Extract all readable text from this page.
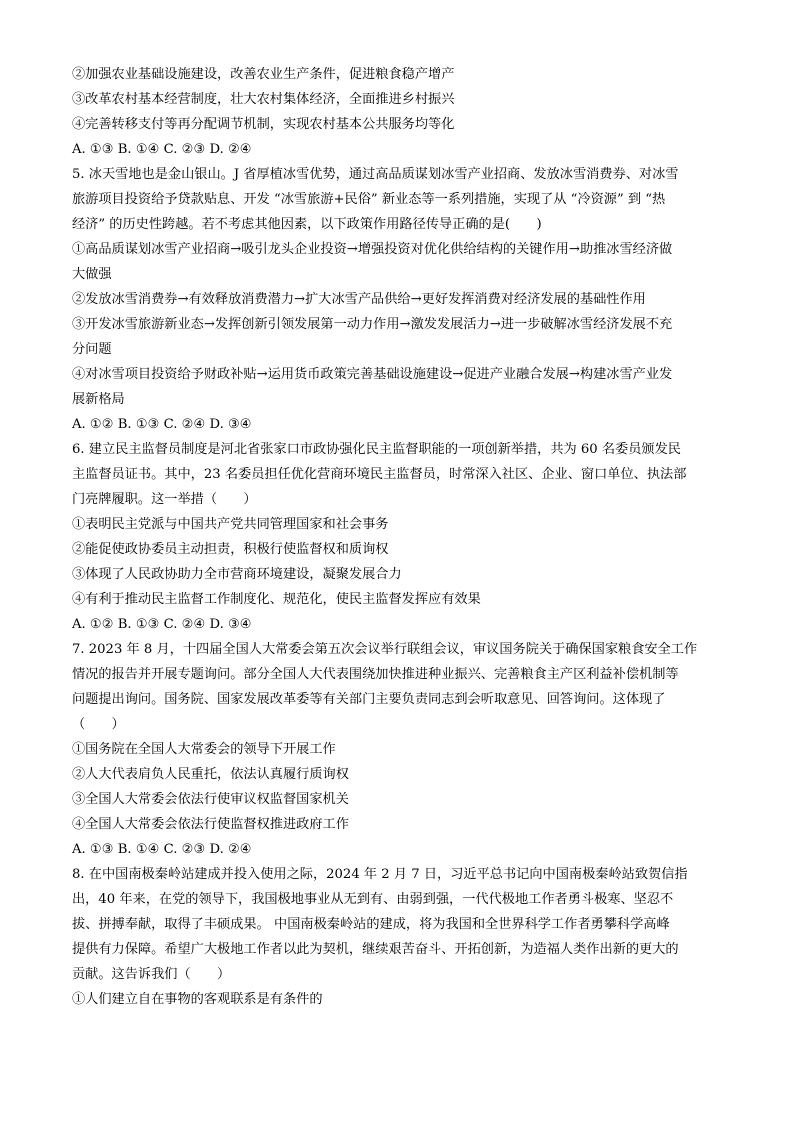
②加强农业基础设施建设，改善农业生产条件，促进粮食稳产增产
③改革农村基本经营制度，壮大农村集体经济，全面推进乡村振兴
④完善转移支付等再分配调节机制，实现农村基本公共服务均等化
A. ①③ B. ①④ C. ②③ D. ②④
5. 冰天雪地也是金山银山。J 省厚植冰雪优势，通过高品质谋划冰雪产业招商、发放冰雪消费券、对冰雪
旅游项目投资给予贷款贴息、开发 “冰雪旅游+民俗” 新业态等一系列措施，实现了从 “冷资源” 到 “热
经济” 的历史性跨越。若不考虑其他因素，以下政策作用路径传导正确的是(　　)
①高品质谋划冰雪产业招商→吸引龙头企业投资→增强投资对优化供给结构的关键作用→助推冰雪经济做
大做强
②发放冰雪消费券→有效释放消费潜力→扩大冰雪产品供给→更好发挥消费对经济发展的基础性作用
③开发冰雪旅游新业态→发挥创新引领发展第一动力作用→激发发展活力→进一步破解冰雪经济发展不充
分问题
④对冰雪项目投资给予财政补贴→运用货币政策完善基础设施建设→促进产业融合发展→构建冰雪产业发
展新格局
A. ①② B. ①③ C. ②④ D. ③④
6. 建立民主监督员制度是河北省张家口市政协强化民主监督职能的一项创新举措，共为 60 名委员颁发民
主监督员证书。其中，23 名委员担任优化营商环境民主监督员，时常深入社区、企业、窗口单位、执法部
门亮牌履职。这一举措（　　）
①表明民主党派与中国共产党共同管理国家和社会事务
②能促使政协委员主动担责，积极行使监督权和质询权
③体现了人民政协助力全市营商环境建设，凝聚发展合力
④有利于推动民主监督工作制度化、规范化，使民主监督发挥应有效果
A. ①② B. ①③ C. ②④ D. ③④
7. 2023 年 8 月，十四届全国人大常委会第五次会议举行联组会议，审议国务院关于确保国家粮食安全工作
情况的报告并开展专题询问。部分全国人大代表围绕加快推进种业振兴、完善粮食主产区利益补偿机制等
问题提出询问。国务院、国家发展改革委等有关部门主要负责同志到会听取意见、回答询问。这体现了
（　　）
①国务院在全国人大常委会的领导下开展工作
②人大代表肩负人民重托，依法认真履行质询权
③全国人大常委会依法行使审议权监督国家机关
④全国人大常委会依法行使监督权推进政府工作
A. ①③ B. ①④ C. ②③ D. ②④
8. 在中国南极秦岭站建成并投入使用之际，2024 年 2 月 7 日，习近平总书记向中国南极秦岭站致贺信指
出，40 年来，在党的领导下，我国极地事业从无到有、由弱到强，一代代极地工作者勇斗极寒、坚忍不
拔、拼搏奉献，取得了丰硕成果。 中国南极秦岭站的建成，将为我国和全世界科学工作者勇攀科学高峰
提供有力保障。希望广大极地工作者以此为契机，继续艰苦奋斗、开拓创新，为造福人类作出新的更大的
贡献。这告诉我们（　　）
①人们建立自在事物的客观联系是有条件的
